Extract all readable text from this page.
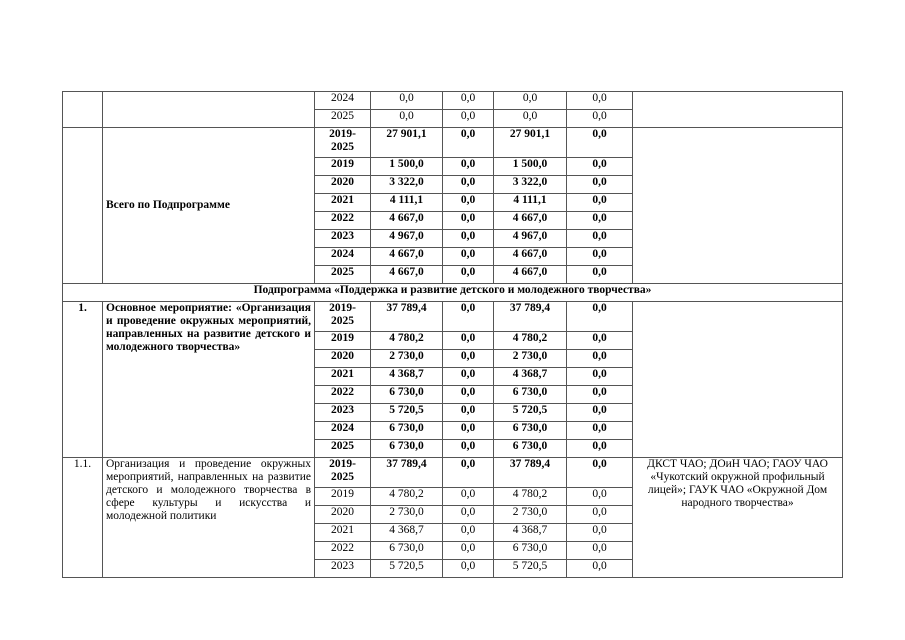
		2024	0,0	0,0	0,0	0,0	
		2025	0,0	0,0	0,0	0,0	
	Всего по Подпрограмме	2019-2025	27 901,1	0,0	27 901,1	0,0	
		2019	1 500,0	0,0	1 500,0	0,0	
		2020	3 322,0	0,0	3 322,0	0,0	
		2021	4 111,1	0,0	4 111,1	0,0	
		2022	4 667,0	0,0	4 667,0	0,0	
		2023	4 967,0	0,0	4 967,0	0,0	
		2024	4 667,0	0,0	4 667,0	0,0	
		2025	4 667,0	0,0	4 667,0	0,0	
Подпрограмма «Поддержка и развитие детского и молодежного творчества»							
1.	Основное мероприятие: «Организация и проведение окружных мероприятий, направленных на развитие детского и молодежного творчества»	2019-2025	37 789,4	0,0	37 789,4	0,0	
		2019	4 780,2	0,0	4 780,2	0,0	
		2020	2 730,0	0,0	2 730,0	0,0	
		2021	4 368,7	0,0	4 368,7	0,0	
		2022	6 730,0	0,0	6 730,0	0,0	
		2023	5 720,5	0,0	5 720,5	0,0	
		2024	6 730,0	0,0	6 730,0	0,0	
		2025	6 730,0	0,0	6 730,0	0,0	
1.1.	Организация и проведение окружных мероприятий, направленных на развитие детского и молодежного творчества в сфере культуры и искусства и молодежной политики	2019-2025	37 789,4	0,0	37 789,4	0,0	ДКСТ ЧАО; ДОиН ЧАО; ГАОУ ЧАО «Чукотский окружной профильный лицей»; ГАУК ЧАО «Окружной Дом народного творчества»
		2019	4 780,2	0,0	4 780,2	0,0	
		2020	2 730,0	0,0	2 730,0	0,0	
		2021	4 368,7	0,0	4 368,7	0,0	
		2022	6 730,0	0,0	6 730,0	0,0	
		2023	5 720,5	0,0	5 720,5	0,0	
